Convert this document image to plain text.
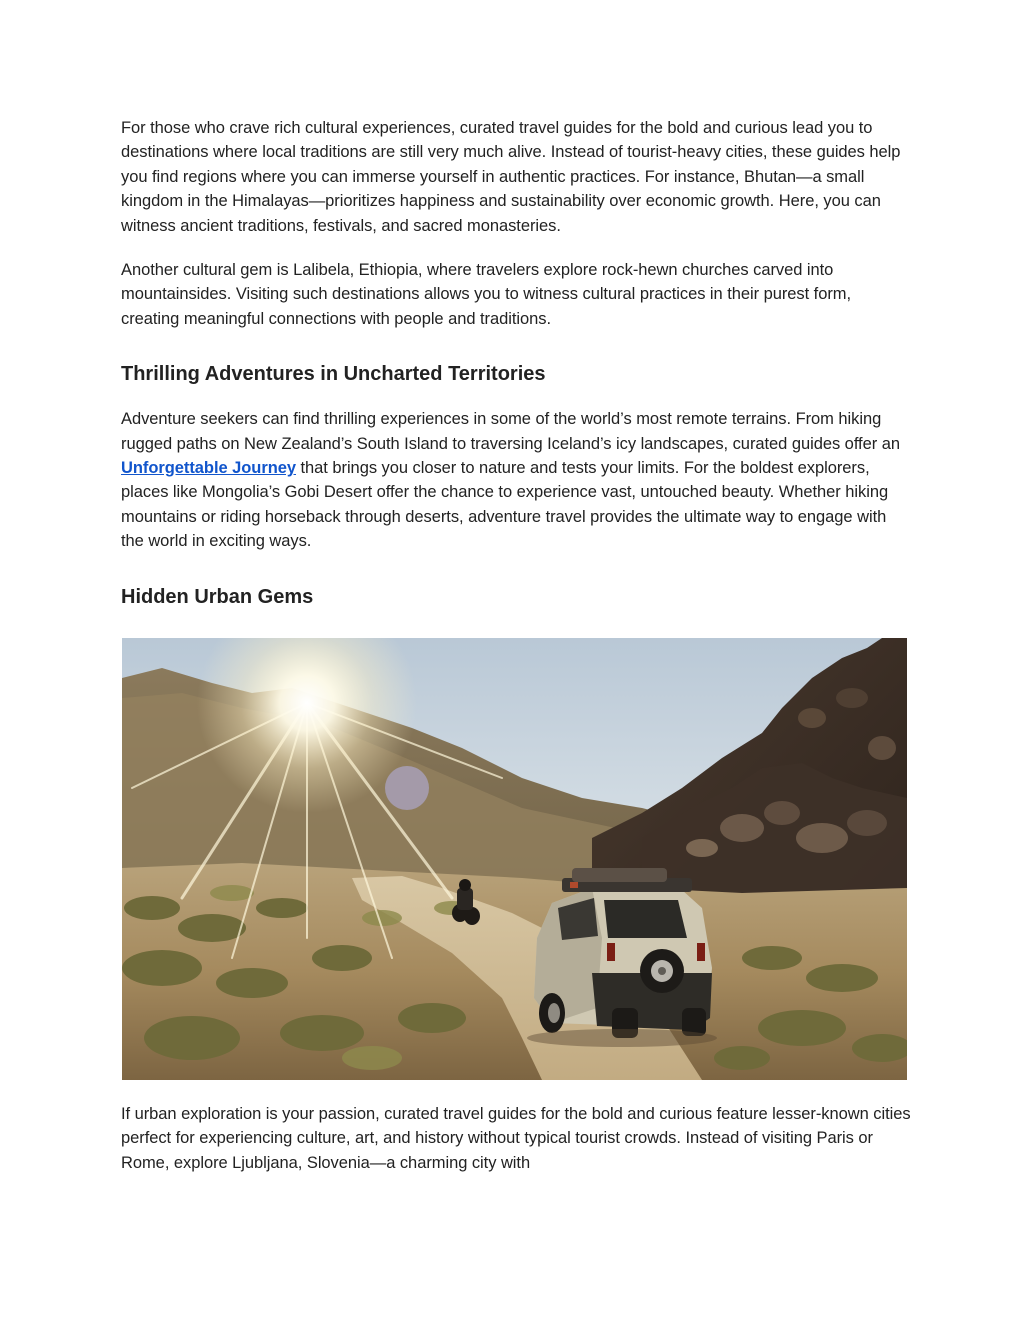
For those who crave rich cultural experiences, curated travel guides for the bold and curious lead you to destinations where local traditions are still very much alive. Instead of tourist-heavy cities, these guides help you find regions where you can immerse yourself in authentic practices. For instance, Bhutan—a small kingdom in the Himalayas—prioritizes happiness and sustainability over economic growth. Here, you can witness ancient traditions, festivals, and sacred monasteries.

Another cultural gem is Lalibela, Ethiopia, where travelers explore rock-hewn churches carved into mountainsides. Visiting such destinations allows you to witness cultural practices in their purest form, creating meaningful connections with people and traditions.

Thrilling Adventures in Uncharted Territories

Adventure seekers can find thrilling experiences in some of the world’s most remote terrains. From hiking rugged paths on New Zealand’s South Island to traversing Iceland’s icy landscapes, curated guides offer an Unforgettable Journey that brings you closer to nature and tests your limits. For the boldest explorers, places like Mongolia’s Gobi Desert offer the chance to experience vast, untouched beauty. Whether hiking mountains or riding horseback through deserts, adventure travel provides the ultimate way to engage with the world in exciting ways.

Hidden Urban Gems

If urban exploration is your passion, curated travel guides for the bold and curious feature lesser-known cities perfect for experiencing culture, art, and history without typical tourist crowds. Instead of visiting Paris or Rome, explore Ljubljana, Slovenia—a charming city with
